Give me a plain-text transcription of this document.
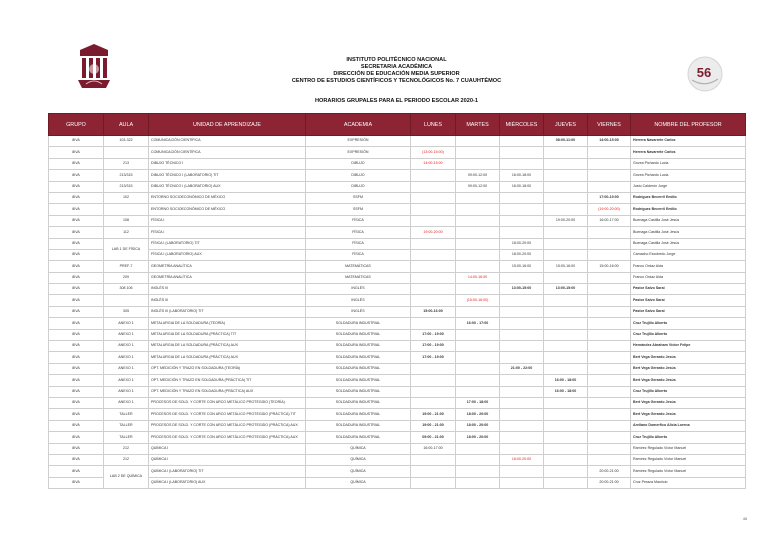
56
INSTITUTO POLITÉCNICO NACIONAL
SECRETARIA ACADÉMICA
DIRECCIÓN DE EDUCACIÓN MEDIA SUPERIOR
CENTRO DE ESTUDIOS CIENTÍFICOS Y TECNOLÓGICOS No. 7 CUAUHTÉMOC
HORARIOS GRUPALES PARA EL PERIODO ESCOLAR 2020-1
GRUPO	AULA	UNIDAD DE APRENDIZAJE	ACADEMIA	LUNES	MARTES	MIÉRCOLES	JUEVES	VIERNES	NOMBRE DEL PROFESOR
8IVA	103-322	COMUNICACIÓN CIENTÍFICA	EXPRESIÓN				08:00-11:00	14:00-15:00	Herrera Navarrete Carlos
8IVA		COMUNICACIÓN CIENTÍFICA	EXPRESIÓN	(13:00-15:00)					Herrera Navarrete Carlos
8IVA	213	DIBUJO TÉCNICO I	DIBUJO	14:00-15:00					Govea Pichardo Lucia
8IVA	213/315	DIBUJO TÉCNICO I (LABORATORIO) TIT	DIBUJO		09:00-12:00	16:00-18:00			Govea Pichardo Lucia
8IVA	213/315	DIBUJO TÉCNICO I (LABORATORIO) AUX	DIBUJO		09:00-12:00	16:00-18:00			Justo Calderón Jorge
8IVA	102	ENTORNO SOCIOECONÓMICO DE MÉXICO	SSFM					17:00-19:00	Rodríguez Becerril Emilio
8IVA		ENTORNO SOCIOECONÓMICO DE MÉXICO	SSFM					(19:00-20:00)	Rodríguez Becerril Emilio
8IVA	108	FÍSICA I	FÍSICA				19:00-20:00	16:00-17:00	Buenaga Castilla José Jesús
8IVA	112	FÍSICA I	FÍSICA	19:00-20:00					Buenaga Castilla José Jesús
8IVA	LAB 1 DE FÍSICA	FÍSICA I (LABORATORIO) TIT	FÍSICA			18:00-20:00			Buenaga Castilla José Jesús
8IVA		FÍSICA I (LABORATORIO) AUX	FÍSICA			18:00-20:00			Camacho Escobedo Jorge
8IVA	PREF-7	GEOMETRÍA ANALÍTICA	MATEMÁTICAS			15:00-16:00	15:00-16:00	15:00-16:00	Franco Ordaz Aida
8IVA	209	GEOMETRÍA ANALÍTICA	MATEMÁTICAS		14:00-16:00				Franco Ordaz Aida
8IVA	308 106	INGLÉS III	INGLÉS			13:00-15:00	13:00-15:00		Pastor Salvo Sarai
8IVA		INGLÉS III	INGLÉS		(15:00-16:00)				Pastor Salvo Sarai
8IVA	305	INGLÉS III (LABORATORIO) TIT	INGLÉS	15:00-16:00					Pastor Salvo Sarai
8IVA	ANEXO 1	METALURGIA DE LA SOLDADURA (TEORÍA)	SOLDADURA INDUSTRIAL		16:00 - 17:00				Cruz Trujillo Alberto
8IVA	ANEXO 1	METALURGIA DE LA SOLDADURA (PRÁCTICA) TIT	SOLDADURA INDUSTRIAL	17:00 - 19:00					Cruz Trujillo Alberto
8IVA	ANEXO 1	METALURGIA DE LA SOLDADURA (PRÁCTICA) AUX	SOLDADURA INDUSTRIAL	17:00 - 19:00					Hernández Abraham Víctor Felipe
8IVA	ANEXO 1	METALURGIA DE LA SOLDADURA (PRÁCTICA) AUX	SOLDADURA INDUSTRIAL	17:00 - 19:00					Bert Vega Gerardo Jesús
8IVA	ANEXO 1	OPT. MEDICIÓN Y TRAZO EN SOLDADURA (TEORÍA)	SOLDADURA INDUSTRIAL			21:00 - 22:00			Bert Vega Gerardo Jesús
8IVA	ANEXO 1	OPT. MEDICIÓN Y TRAZO EN SOLDADURA (PRÁCTICA) TIT	SOLDADURA INDUSTRIAL				16:00 - 18:00		Bert Vega Gerardo Jesús
8IVA	ANEXO 1	OPT. MEDICIÓN Y TRAZO EN SOLDADURA (PRÁCTICA) AUX	SOLDADURA INDUSTRIAL				16:00 - 18:00		Cruz Trujillo Alberto
8IVA	ANEXO 1	PROCESOS DE SOLD. Y CORTE CON ARCO METÁLICO PROTEGIDO (TEORÍA)	SOLDADURA INDUSTRIAL		17:00 - 18:00				Bert Vega Gerardo Jesús
8IVA	TALLER	PROCESOS DE SOLD. Y CORTE CON ARCO METÁLICO PROTEGIDO (PRÁCTICA) TIT	SOLDADURA INDUSTRIAL	19:00 - 21:00	18:00 - 20:00				Bert Vega Gerardo Jesús
8IVA	TALLER	PROCESOS DE SOLD. Y CORTE CON ARCO METÁLICO PROTEGIDO (PRÁCTICA) AUX	SOLDADURA INDUSTRIAL	19:00 - 21:00	18:00 - 20:00				Arellano Domerfico Alicia Lorena
8IVA	TALLER	PROCESOS DE SOLD. Y CORTE CON ARCO METÁLICO PROTEGIDO (PRÁCTICA) AUX	SOLDADURA INDUSTRIAL	09:00 - 21:00	18:00 - 20:00				Cruz Trujillo Alberto
8IVA	212	QUÍMICA I	QUÍMICA	16:00-17:00					Ramírez Regulado Víctor Manuel
8IVA	212	QUÍMICA I	QUÍMICA			18:00-20:00			Ramírez Regulado Víctor Manuel
8IVA	LAB 2 DE QUÍMICA	QUÍMICA I (LABORATORIO) TIT	QUÍMICA					20:00-21:00	Ramírez Regulado Víctor Manuel
8IVA		QUÍMICA I (LABORATORIO) AUX	QUÍMICA					20:00-21:00	Cruz Peraza Mauricio
46
